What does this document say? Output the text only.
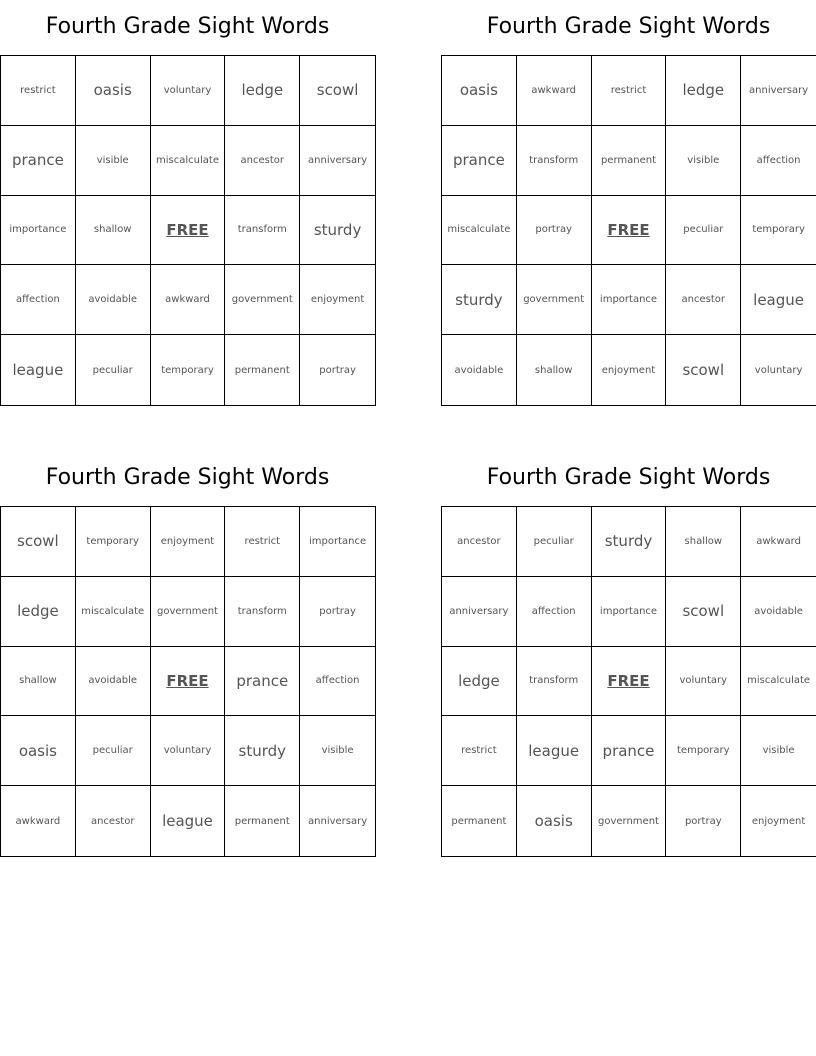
Fourth Grade Sight Words
restrict	oasis	voluntary	ledge	scowl
prance	visible	miscalculate	ancestor	anniversary
importance	shallow	FREE	transform	sturdy
affection	avoidable	awkward	government	enjoyment
league	peculiar	temporary	permanent	portray
Fourth Grade Sight Words
oasis	awkward	restrict	ledge	anniversary
prance	transform	permanent	visible	affection
miscalculate	portray	FREE	peculiar	temporary
sturdy	government	importance	ancestor	league
avoidable	shallow	enjoyment	scowl	voluntary
Fourth Grade Sight Words
scowl	temporary	enjoyment	restrict	importance
ledge	miscalculate	government	transform	portray
shallow	avoidable	FREE	prance	affection
oasis	peculiar	voluntary	sturdy	visible
awkward	ancestor	league	permanent	anniversary
Fourth Grade Sight Words
ancestor	peculiar	sturdy	shallow	awkward
anniversary	affection	importance	scowl	avoidable
ledge	transform	FREE	voluntary	miscalculate
restrict	league	prance	temporary	visible
permanent	oasis	government	portray	enjoyment
